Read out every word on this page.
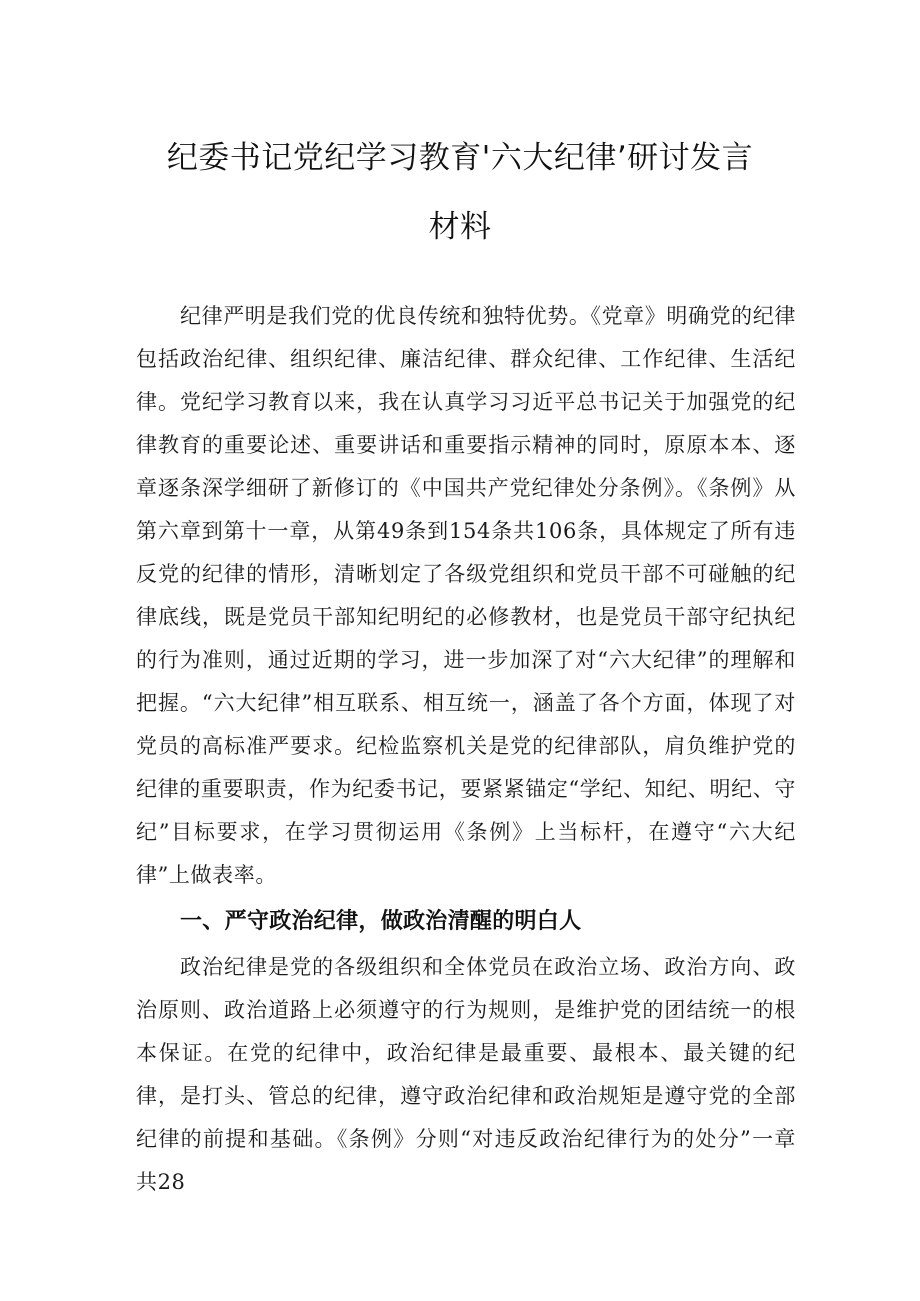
纪委书记党纪学习教育'六大纪律’研讨发言
材料

纪律严明是我们党的优良传统和独特优势。《党章》明确党的纪律包括政治纪律、组织纪律、廉洁纪律、群众纪律、工作纪律、生活纪律。党纪学习教育以来，我在认真学习习近平总书记关于加强党的纪律教育的重要论述、重要讲话和重要指示精神的同时，原原本本、逐章逐条深学细研了新修订的《中国共产党纪律处分条例》。《条例》从第六章到第十一章，从第49条到154条共106条，具体规定了所有违反党的纪律的情形，清晰划定了各级党组织和党员干部不可碰触的纪律底线，既是党员干部知纪明纪的必修教材，也是党员干部守纪执纪的行为准则，通过近期的学习，进一步加深了对“六大纪律”的理解和把握。“六大纪律”相互联系、相互统一，涵盖了各个方面，体现了对党员的高标准严要求。纪检监察机关是党的纪律部队，肩负维护党的纪律的重要职责，作为纪委书记，要紧紧锚定“学纪、知纪、明纪、守纪”目标要求，在学习贯彻运用《条例》上当标杆，在遵守“六大纪律”上做表率。

一、严守政治纪律，做政治清醒的明白人

政治纪律是党的各级组织和全体党员在政治立场、政治方向、政治原则、政治道路上必须遵守的行为规则，是维护党的团结统一的根本保证。在党的纪律中，政治纪律是最重要、最根本、最关键的纪律，是打头、管总的纪律，遵守政治纪律和政治规矩是遵守党的全部纪律的前提和基础。《条例》分则“对违反政治纪律行为的处分”一章共28
